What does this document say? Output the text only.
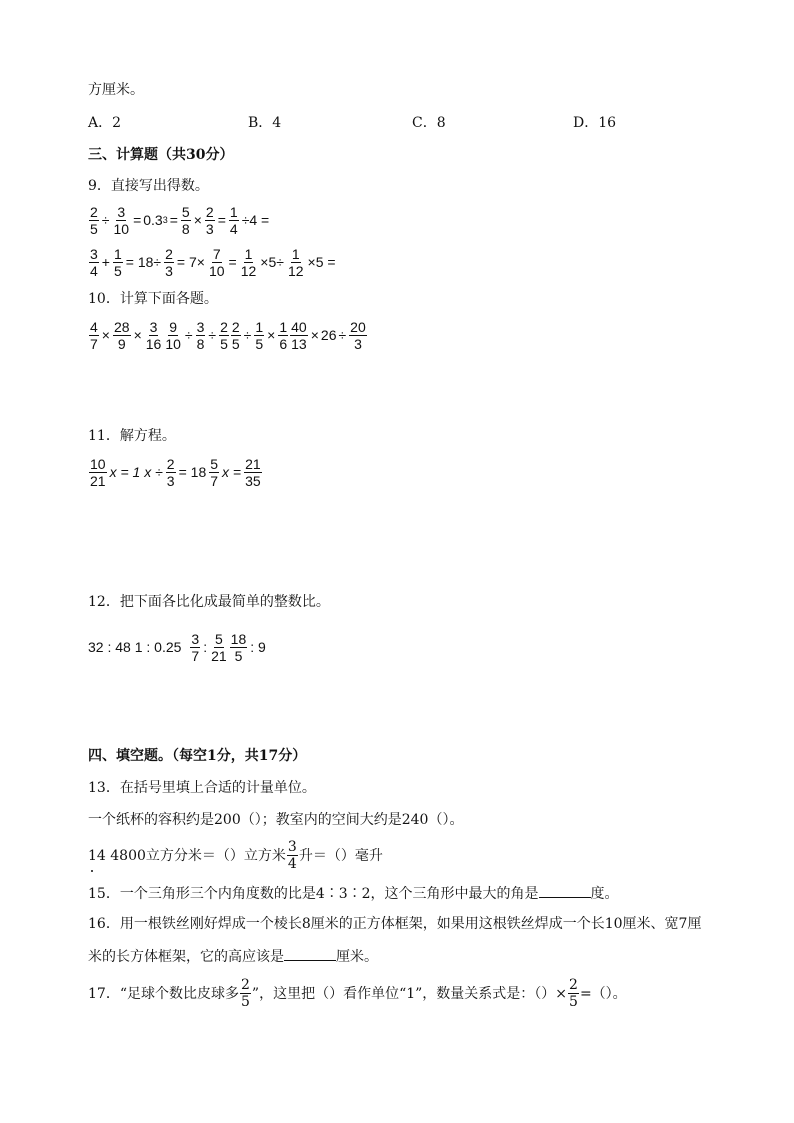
方厘米。
A．2	B．4	C．8	D．16
三、计算题（共30分）
9．直接写出得数。
$\frac{2}{5} \div \frac{3}{10} = 0.3$ $3 = \frac{5}{8} \times \frac{2}{3} = \frac{1}{4} \div 4$ =
$\frac{3}{4} + \frac{1}{5} = 18\div \frac{2}{3} = 7\times \frac{7}{10} = \frac{1}{12} \times 5\div \frac{1}{12} \times 5$ =
10．计算下面各题。
$\frac{4}{7} \times \frac{28}{9} \times \frac{3}{16} \frac{9}{10} \div \frac{3}{8} \div \frac{2}{5} \frac{2}{5} \div \frac{1}{5} \times \frac{1}{6} \frac{40}{13} \times 26 \div \frac{20}{3}$
11．解方程。
$\frac{10}{21}$ x = 1 $x \div \frac{2}{3} = 18 \frac{5}{7}$ $x = \frac{21}{35}$
12．把下面各比化成最简单的整数比。
32 : 48 1 : $0.25 \frac{3}{7}$ : $\frac{5}{21} \frac{18}{5}$ : 9
四、填空题。（每空1分，共17分）
13．在括号里填上合适的计量单位。
一个纸杯的容积约是200（）；教室内的空间大约是240（）。
14 4800立方分米＝（）立方米 $\frac{3}{4}$ 升＝（）毫升
15．一个三角形三个内角度数的比是4∶3∶2，这个三角形中最大的角是	度。
16．用一根铁丝刚好焊成一个棱长8厘米的正方体框架，如果用这根铁丝焊成一个长10厘米、宽7厘
米的长方体框架，它的高应该是	厘米。
17．“足球个数比皮球多 $\frac{2}{5}$ ”，这里把（）看作单位“1”，数量关系式是：（）× $\frac{2}{5}$ =（）。
